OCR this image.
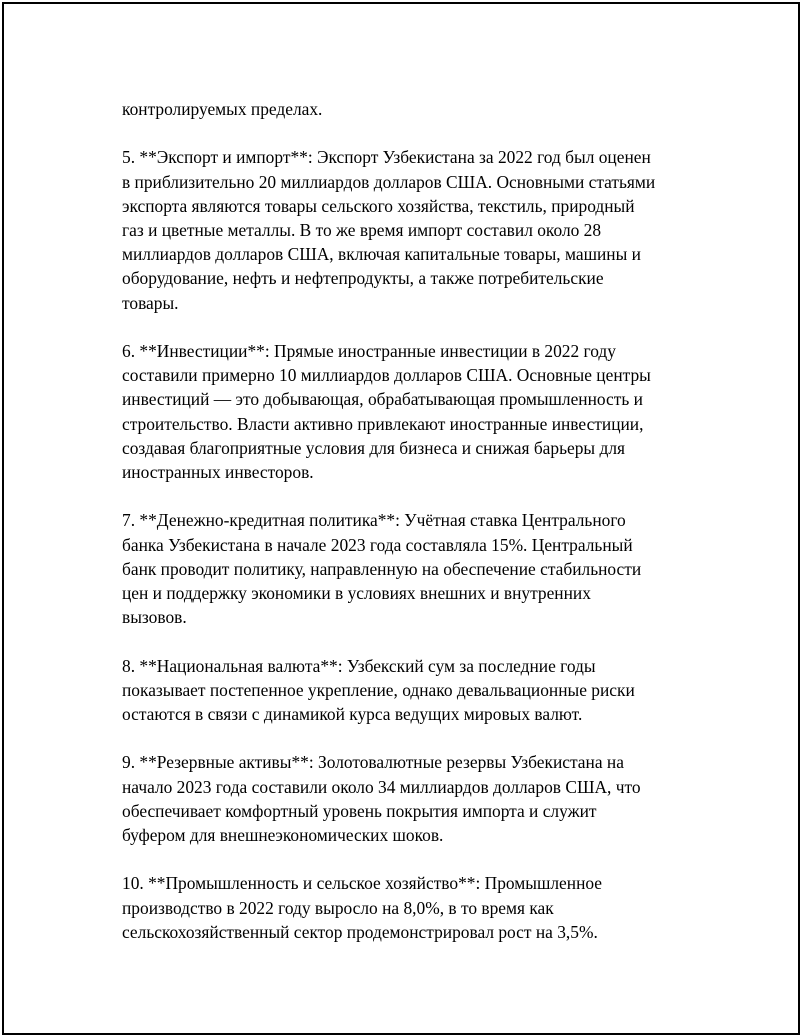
контролируемых пределах.

5. **Экспорт и импорт**: Экспорт Узбекистана за 2022 год был оценен
в приблизительно 20 миллиардов долларов США. Основными статьями
экспорта являются товары сельского хозяйства, текстиль, природный
газ и цветные металлы. В то же время импорт составил около 28
миллиардов долларов США, включая капитальные товары, машины и
оборудование, нефть и нефтепродукты, а также потребительские
товары.

6. **Инвестиции**: Прямые иностранные инвестиции в 2022 году
составили примерно 10 миллиардов долларов США. Основные центры
инвестиций — это добывающая, обрабатывающая промышленность и
строительство. Власти активно привлекают иностранные инвестиции,
создавая благоприятные условия для бизнеса и снижая барьеры для
иностранных инвесторов.

7. **Денежно-кредитная политика**: Учётная ставка Центрального
банка Узбекистана в начале 2023 года составляла 15%. Центральный
банк проводит политику, направленную на обеспечение стабильности
цен и поддержку экономики в условиях внешних и внутренних
вызовов.

8. **Национальная валюта**: Узбекский сум за последние годы
показывает постепенное укрепление, однако девальвационные риски
остаются в связи с динамикой курса ведущих мировых валют.

9. **Резервные активы**: Золотовалютные резервы Узбекистана на
начало 2023 года составили около 34 миллиардов долларов США, что
обеспечивает комфортный уровень покрытия импорта и служит
буфером для внешнеэкономических шоков.

10. **Промышленность и сельское хозяйство**: Промышленное
производство в 2022 году выросло на 8,0%, в то время как
сельскохозяйственный сектор продемонстрировал рост на 3,5%.
